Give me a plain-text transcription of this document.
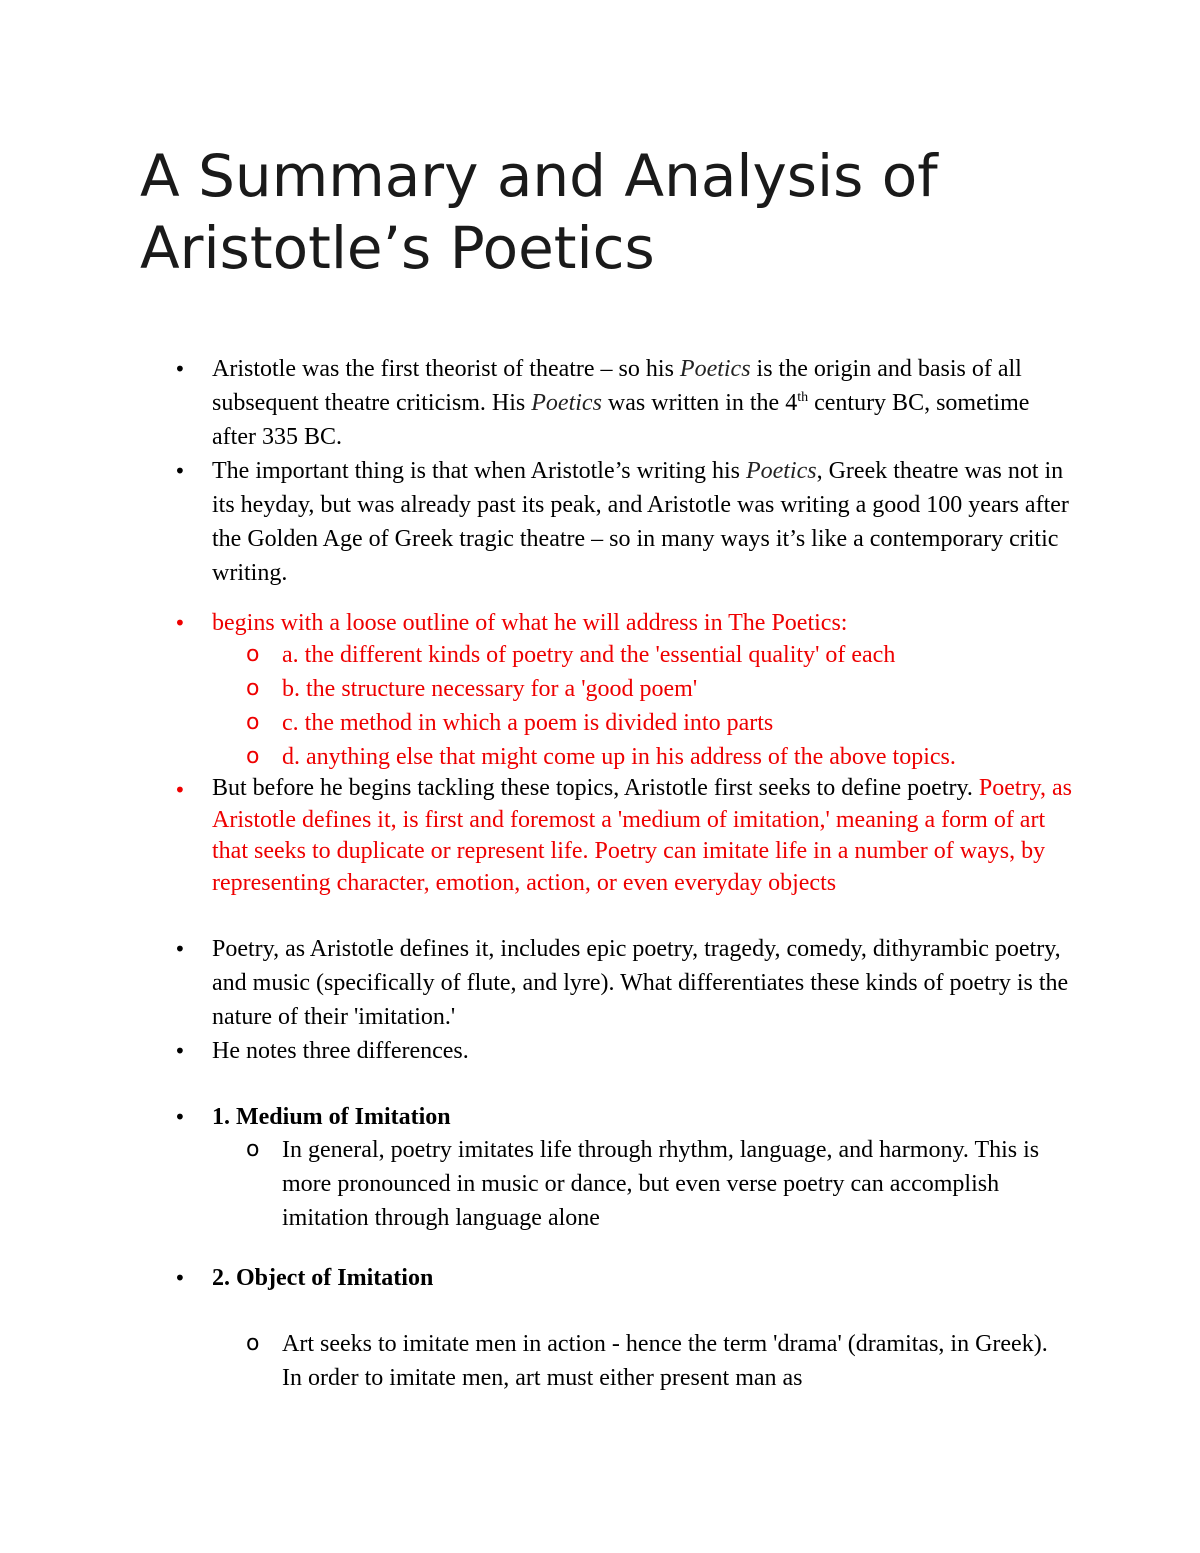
A Summary and Analysis of Aristotle’s Poetics
• Aristotle was the first theorist of theatre – so his Poetics is the origin and basis of all subsequent theatre criticism. His Poetics was written in the 4th century BC, sometime after 335 BC.

• The important thing is that when Aristotle’s writing his Poetics, Greek theatre was not in its heyday, but was already past its peak, and Aristotle was writing a good 100 years after the Golden Age of Greek tragic theatre – so in many ways it’s like a contemporary critic writing.

• begins with a loose outline of what he will address in The Poetics:

o a. the different kinds of poetry and the 'essential quality' of each

o b. the structure necessary for a 'good poem'

o c. the method in which a poem is divided into parts

o d. anything else that might come up in his address of the above topics.

• But before he begins tackling these topics, Aristotle first seeks to define poetry. Poetry, as Aristotle defines it, is first and foremost a 'medium of imitation,' meaning a form of art that seeks to duplicate or represent life. Poetry can imitate life in a number of ways, by representing character, emotion, action, or even everyday objects

• Poetry, as Aristotle defines it, includes epic poetry, tragedy, comedy, dithyrambic poetry, and music (specifically of flute, and lyre). What differentiates these kinds of poetry is the nature of their 'imitation.'

• He notes three differences.

• 1. Medium of Imitation

o In general, poetry imitates life through rhythm, language, and harmony. This is more pronounced in music or dance, but even verse poetry can accomplish imitation through language alone

• 2. Object of Imitation

o Art seeks to imitate men in action - hence the term 'drama' (dramitas, in Greek). In order to imitate men, art must either present man as
